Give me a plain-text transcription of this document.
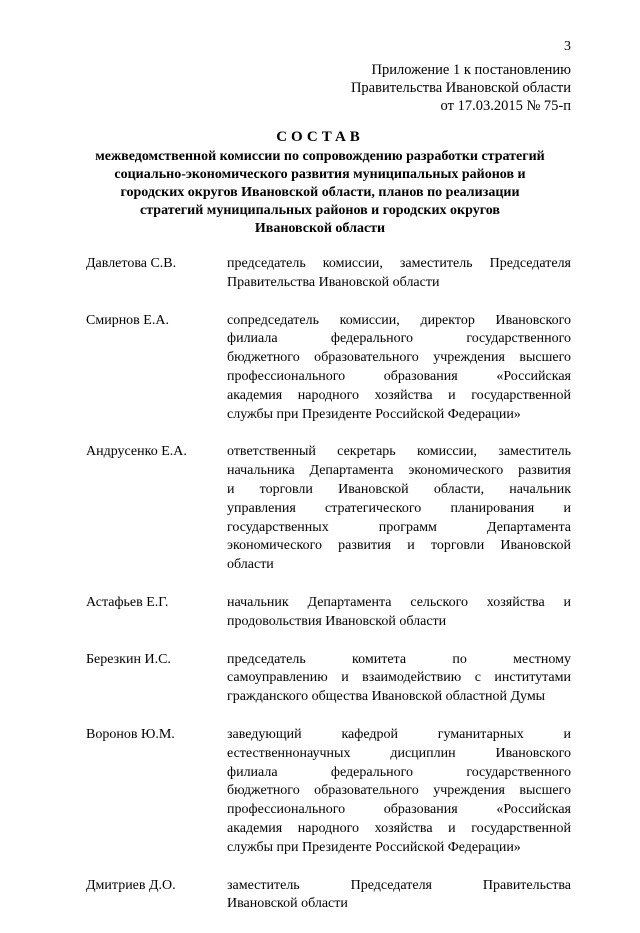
3
Приложение 1 к постановлению
Правительства Ивановской области
от 17.03.2015 № 75-п
СОСТАВ
межведомственной комиссии по сопровождению разработки стратегий
социально-экономического развития муниципальных районов и
городских округов Ивановской области, планов по реализации
стратегий муниципальных районов и городских округов
Ивановской области
Давлетова С.В.	председатель комиссии, заместитель Председателя
Правительства Ивановской области
Смирнов Е.А.	сопредседатель комиссии, директор Ивановского
филиала федерального государственного
бюджетного образовательного учреждения высшего
профессионального образования «Российская
академия народного хозяйства и государственной
службы при Президенте Российской Федерации»
Андрусенко Е.А.	ответственный секретарь комиссии, заместитель
начальника Департамента экономического развития
и торговли Ивановской области, начальник
управления стратегического планирования и
государственных программ Департамента
экономического развития и торговли Ивановской
области
Астафьев Е.Г.	начальник Департамента сельского хозяйства и
продовольствия Ивановской области
Березкин И.С.	председатель комитета по местному
самоуправлению и взаимодействию с институтами
гражданского общества Ивановской областной Думы
Воронов Ю.М.	заведующий кафедрой гуманитарных и
естественнонаучных дисциплин Ивановского
филиала федерального государственного
бюджетного образовательного учреждения высшего
профессионального образования «Российская
академия народного хозяйства и государственной
службы при Президенте Российской Федерации»
Дмитриев Д.О.	заместитель Председателя Правительства
Ивановской области
